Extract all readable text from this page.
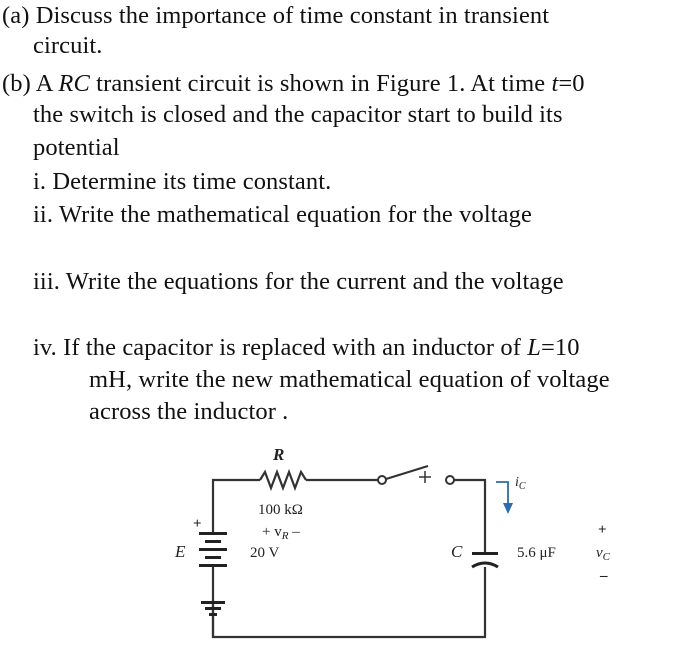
(a) Discuss the importance of time constant in transient
circuit.
(b) A RC transient circuit is shown in Figure 1. At time t=0
the switch is closed and the capacitor start to build its
potential
i. Determine its time constant.
ii. Write the mathematical equation for the voltage
iii. Write the equations for the current and the voltage
iv. If the capacitor is replaced with an inductor of L=10
mH, write the new mathematical equation of voltage
across the inductor .
R
100 kΩ
+ $v_R$ –
E	20 V
+
C	5.6 μF	$v_C$
+
–
$i_C$
